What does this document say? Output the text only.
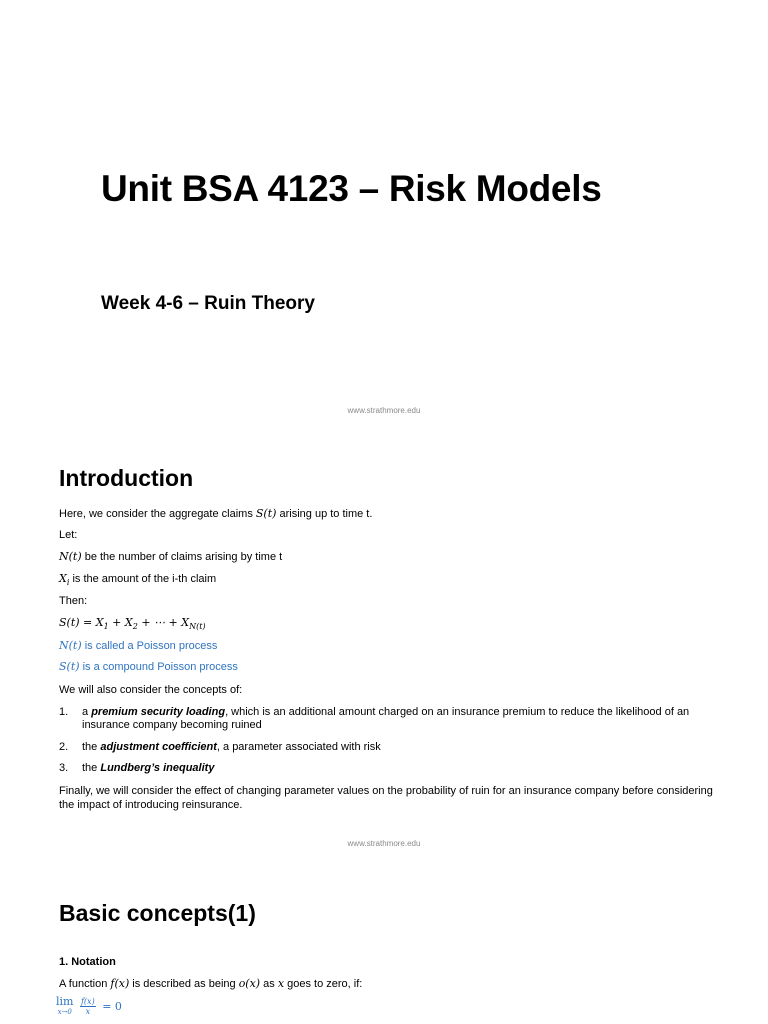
Unit BSA 4123 – Risk Models
Week 4-6 – Ruin Theory
www.strathmore.edu
Introduction
Here, we consider the aggregate claims S(t) arising up to time t.
Let:
N(t) be the number of claims arising by time t
$X_i$ is the amount of the i-th claim
Then:
$S(t) = X_1 + X_2$ + ⋯ + $X_{N(t)}$
N(t) is called a Poisson process
S(t) is a compound Poisson process
We will also consider the concepts of:
1. a premium security loading, which is an additional amount charged on an insurance premium to reduce the likelihood of an insurance company becoming ruined
2. the adjustment coefficient, a parameter associated with risk
3. the Lundberg’s inequality
Finally, we will consider the effect of changing parameter values on the probability of ruin for an insurance company before considering the impact of introducing reinsurance.
www.strathmore.edu
Basic concepts(1)
1. Notation
A function f(x) is described as being o(x) as x goes to zero, if:
lim
x→0
$\frac{f(x)}{x} = 0$
